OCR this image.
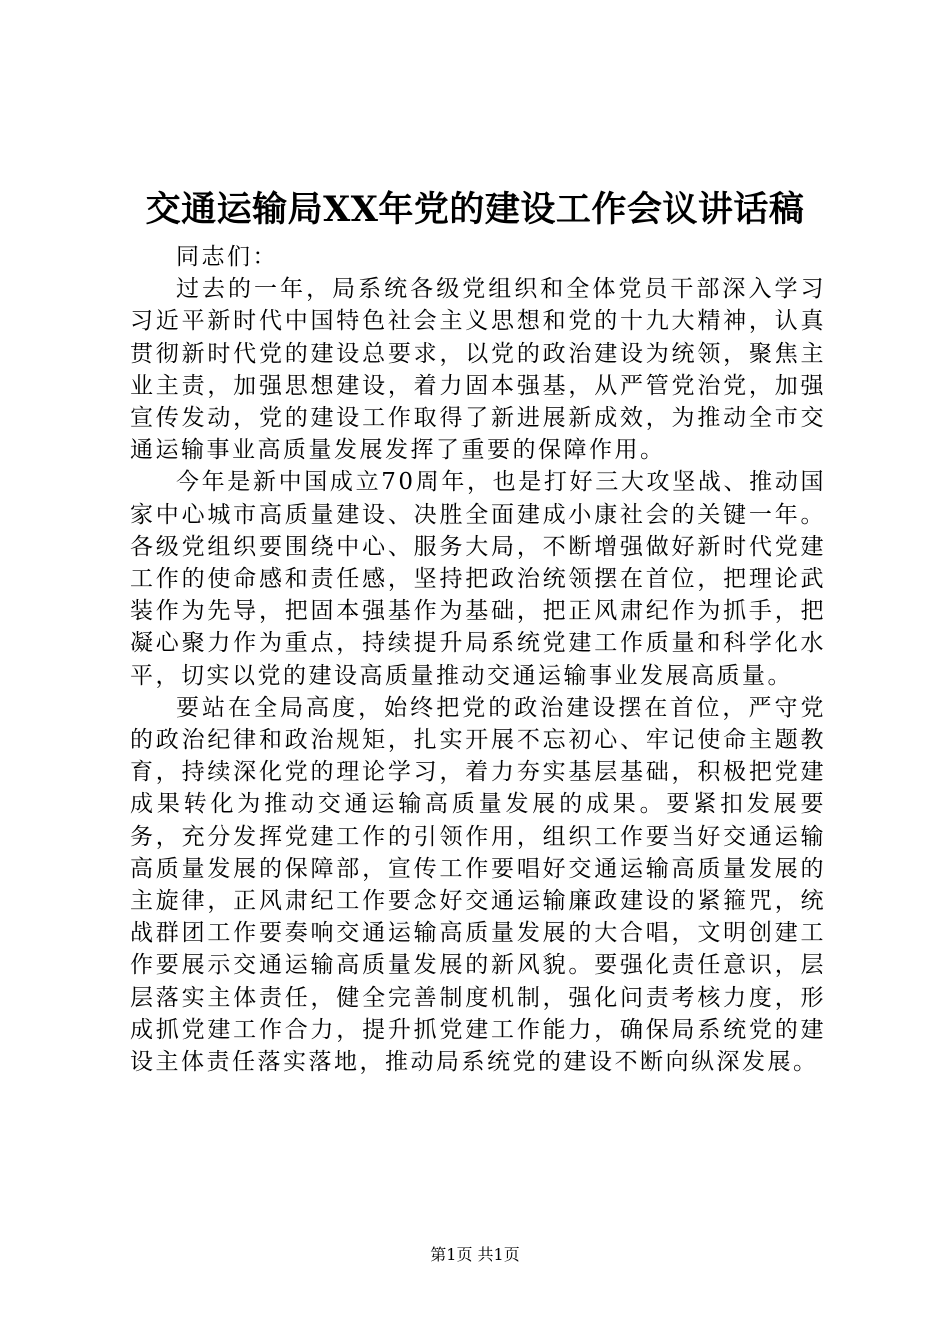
交通运输局XX年党的建设工作会议讲话稿

同志们：

过去的一年，局系统各级党组织和全体党员干部深入学习习近平新时代中国特色社会主义思想和党的十九大精神，认真贯彻新时代党的建设总要求，以党的政治建设为统领，聚焦主业主责，加强思想建设，着力固本强基，从严管党治党，加强宣传发动，党的建设工作取得了新进展新成效，为推动全市交通运输事业高质量发展发挥了重要的保障作用。

今年是新中国成立70周年，也是打好三大攻坚战、推动国家中心城市高质量建设、决胜全面建成小康社会的关键一年。各级党组织要围绕中心、服务大局，不断增强做好新时代党建工作的使命感和责任感，坚持把政治统领摆在首位，把理论武装作为先导，把固本强基作为基础，把正风肃纪作为抓手，把凝心聚力作为重点，持续提升局系统党建工作质量和科学化水平，切实以党的建设高质量推动交通运输事业发展高质量。

要站在全局高度，始终把党的政治建设摆在首位，严守党的政治纪律和政治规矩，扎实开展不忘初心、牢记使命主题教育，持续深化党的理论学习，着力夯实基层基础，积极把党建成果转化为推动交通运输高质量发展的成果。要紧扣发展要务，充分发挥党建工作的引领作用，组织工作要当好交通运输高质量发展的保障部，宣传工作要唱好交通运输高质量发展的主旋律，正风肃纪工作要念好交通运输廉政建设的紧箍咒，统战群团工作要奏响交通运输高质量发展的大合唱，文明创建工作要展示交通运输高质量发展的新风貌。要强化责任意识，层层落实主体责任，健全完善制度机制，强化问责考核力度，形成抓党建工作合力，提升抓党建工作能力，确保局系统党的建设主体责任落实落地，推动局系统党的建设不断向纵深发展。

第1页 共1页
